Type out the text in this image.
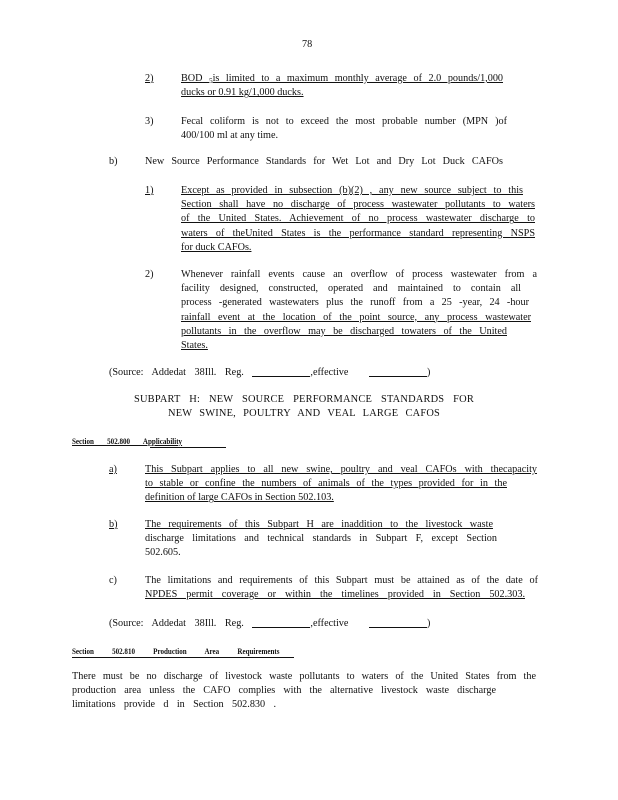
78
2)	BOD $_5$is limited to a maximum monthly average of 2.0 pounds/1,000
ducks or 0.91 kg/1,000 ducks.
3)	Fecal coliform is not to exceed the most probable number (MPN )of
400/100 ml at any time.
b)	New Source Performance Standards for Wet Lot and Dry Lot Duck CAFOs
1)	Except as provided in subsection (b)(2) , any new source subject to this
Section shall have no discharge of process wastewater pollutants to waters
of the United States. Achievement of no process wastewater discharge to
waters of theUnited States is the performance standard representing NSPS
for duck CAFOs.
2)	Whenever rainfall events cause an overflow of process wastewater from a
facility designed, constructed, operated and maintained to contain all
process -generated wastewaters plus the runoff from a 25 -year, 24 -hour
rainfall event at the location of the point source, any process wastewater
pollutants in the overflow may be discharged towaters of the United
States.
(Source: Addedat 38Ill. Reg.	,effective	)
SUBPART H: NEW SOURCE PERFORMANCE STANDARDS FOR
NEW SWINE, POULTRY AND VEAL LARGE CAFOS
Section 502.800 Applicability
a)	This Subpart applies to all new swine, poultry and veal CAFOs with thecapacity
to stable or confine the numbers of animals of the types provided for in the
definition of large CAFOs in Section 502.103.
b)	The requirements of this Subpart H are inaddition to the livestock waste
discharge limitations and technical standards in Subpart F, except Section
502.605.
c)	The limitations and requirements of this Subpart must be attained as of the date of
NPDES permit coverage or within the timelines provided in Section 502.303.
(Source: Addedat 38Ill. Reg.	,effective	)
Section 502.810 Production Area Requirements
There must be no discharge of livestock waste pollutants to waters of the United States from the
production area unless the CAFO complies with the alternative livestock waste discharge
limitations provide d in Section 502.830 .
